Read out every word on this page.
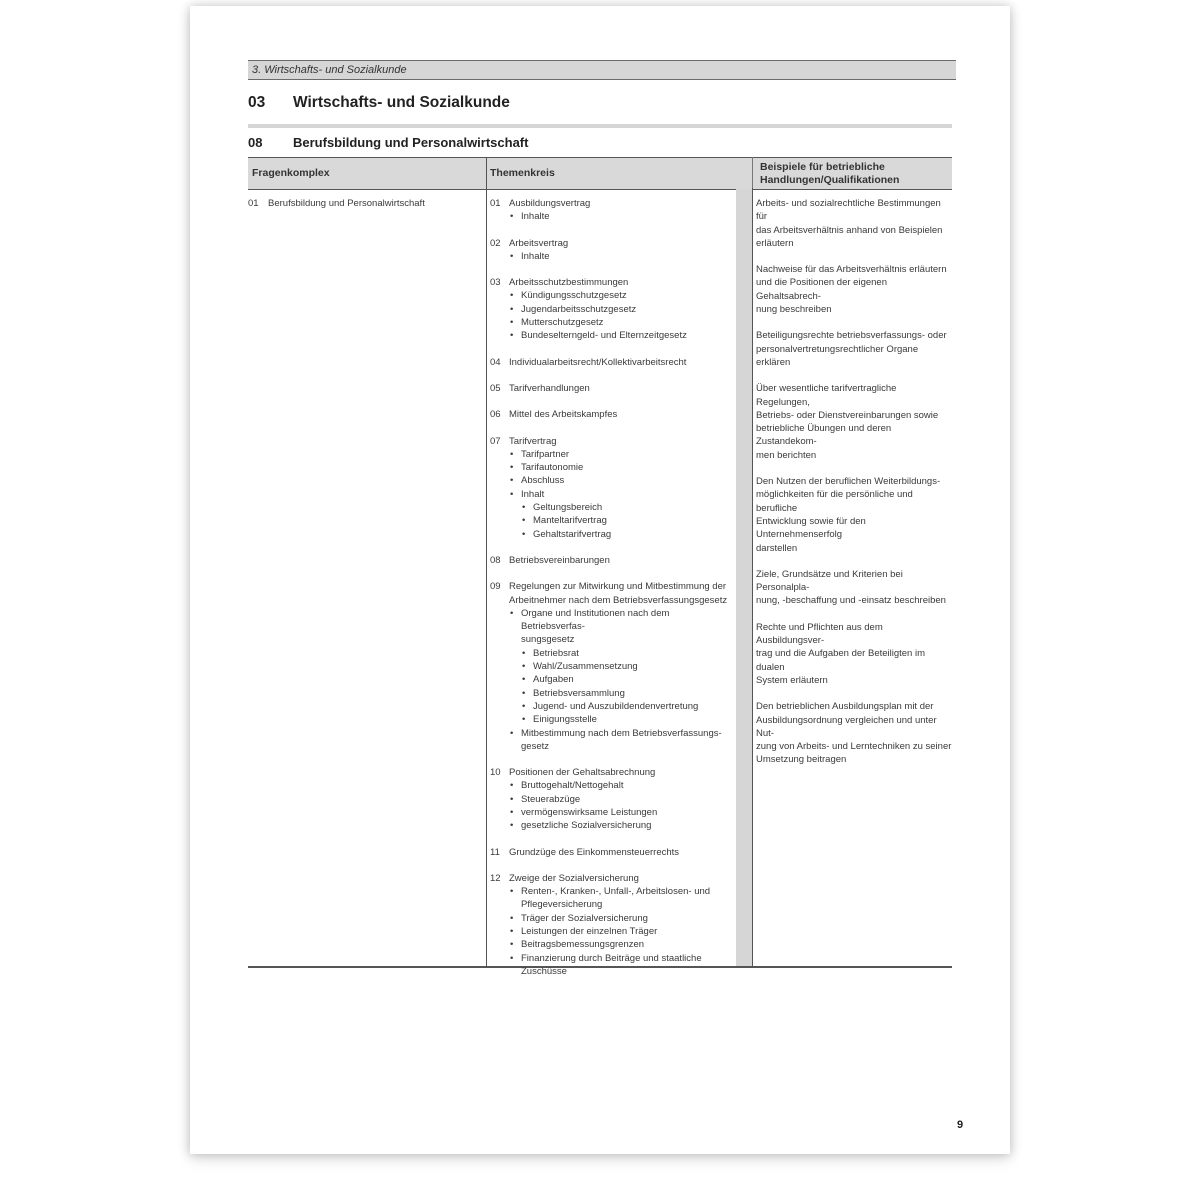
3. Wirtschafts- und Sozialkunde
03 Wirtschafts- und Sozialkunde
08 Berufsbildung und Personalwirtschaft
Fragenkomplex	Themenkreis
Beispiele für betriebliche
Handlungen/Qualifikationen
01 Berufsbildung und Personalwirtschaft	01 Ausbildungsvertrag
• Inhalte
02 Arbeitsvertrag
• Inhalte
03 Arbeitsschutzbestimmungen
• Kündigungsschutzgesetz
• Jugendarbeitsschutzgesetz
• Mutterschutzgesetz
• Bundeselterngeld- und Elternzeitgesetz
04 Individualarbeitsrecht/Kollektivarbeitsrecht
05 Tarifverhandlungen
06 Mittel des Arbeitskampfes
07 Tarifvertrag
• Tarifpartner
• Tarifautonomie
• Abschluss
• Inhalt
• Geltungsbereich
• Manteltarifvertrag
• Gehaltstarifvertrag
08 Betriebsvereinbarungen
09 Regelungen zur Mitwirkung und Mitbestimmung der
Arbeitnehmer nach dem Betriebsverfassungsgesetz
• Organe und Institutionen nach dem Betriebsverfas-
sungsgesetz
• Betriebsrat
• Wahl/Zusammensetzung
• Aufgaben
• Betriebsversammlung
• Jugend- und Auszubildendenvertretung
• Einigungsstelle
• Mitbestimmung nach dem Betriebsverfassungs-
gesetz
10 Positionen der Gehaltsabrechnung
• Bruttogehalt/Nettogehalt
• Steuerabzüge
• vermögenswirksame Leistungen
• gesetzliche Sozialversicherung
11 Grundzüge des Einkommensteuerrechts
12 Zweige der Sozialversicherung
• Renten-, Kranken-, Unfall-, Arbeitslosen- und
Pflegeversicherung
• Träger der Sozialversicherung
• Leistungen der einzelnen Träger
• Beitragsbemessungsgrenzen
• Finanzierung durch Beiträge und staatliche
Zuschüsse
Arbeits- und sozialrechtliche Bestimmungen für
das Arbeitsverhältnis anhand von Beispielen
erläutern
Nachweise für das Arbeitsverhältnis erläutern
und die Positionen der eigenen Gehaltsabrech-
nung beschreiben
Beteiligungsrechte betriebsverfassungs- oder
personalvertretungsrechtlicher Organe erklären
Über wesentliche tarifvertragliche Regelungen,
Betriebs- oder Dienstvereinbarungen sowie
betriebliche Übungen und deren Zustandekom-
men berichten
Den Nutzen der beruflichen Weiterbildungs-
möglichkeiten für die persönliche und berufliche
Entwicklung sowie für den Unternehmenserfolg
darstellen
Ziele, Grundsätze und Kriterien bei Personalpla-
nung, -beschaffung und -einsatz beschreiben
Rechte und Pflichten aus dem Ausbildungsver-
trag und die Aufgaben der Beteiligten im dualen
System erläutern
Den betrieblichen Ausbildungsplan mit der
Ausbildungsordnung vergleichen und unter Nut-
zung von Arbeits- und Lerntechniken zu seiner
Umsetzung beitragen
9
